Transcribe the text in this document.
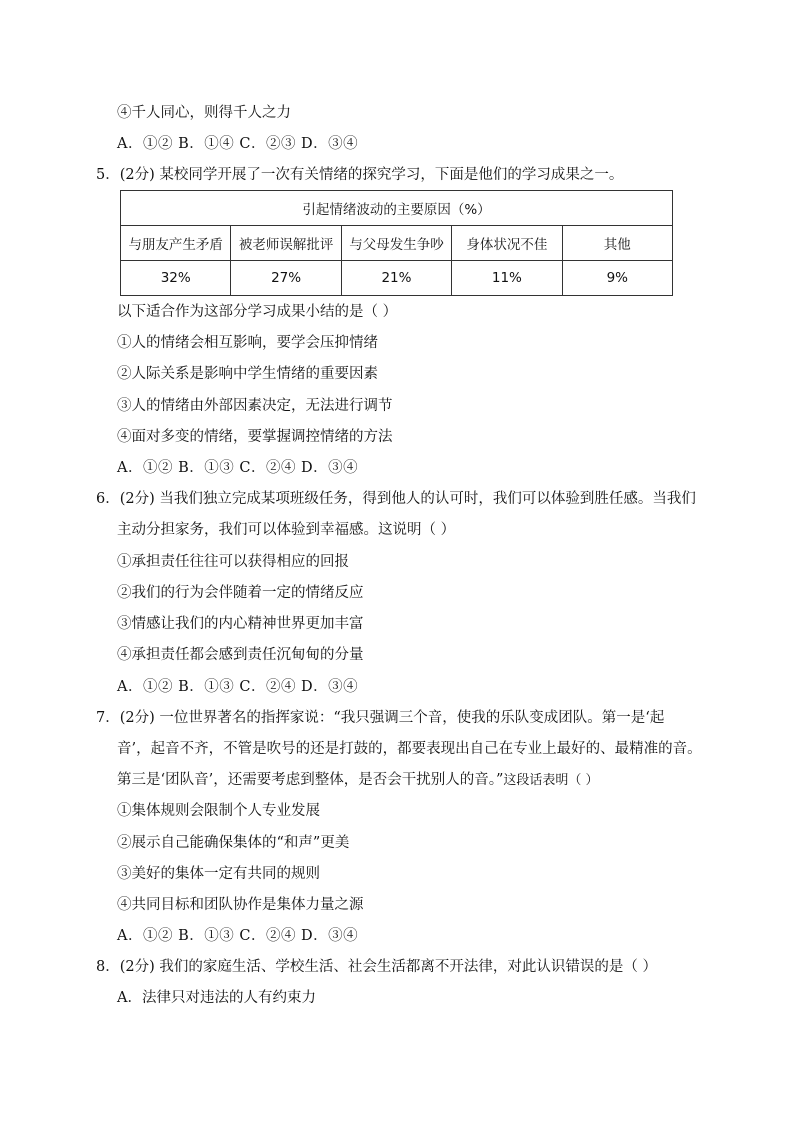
④千人同心，则得千人之力
A．①② B．①④ C．②③ D．③④
5．(2分) 某校同学开展了一次有关情绪的探究学习，下面是他们的学习成果之一。
引起情绪波动的主要原因（%）				
与朋友产生矛盾	被老师误解批评	与父母发生争吵	身体状况不佳	其他
32%	27%	21%	11%	9%
以下适合作为这部分学习成果小结的是（ ）
①人的情绪会相互影响，要学会压抑情绪
②人际关系是影响中学生情绪的重要因素
③人的情绪由外部因素决定，无法进行调节
④面对多变的情绪，要掌握调控情绪的方法
A．①② B．①③ C．②④ D．③④
6．(2分) 当我们独立完成某项班级任务，得到他人的认可时，我们可以体验到胜任感。当我们
主动分担家务，我们可以体验到幸福感。这说明（ ）
①承担责任往往可以获得相应的回报
②我们的行为会伴随着一定的情绪反应
③情感让我们的内心精神世界更加丰富
④承担责任都会感到责任沉甸甸的分量
A．①② B．①③ C．②④ D．③④
7．(2分) 一位世界著名的指挥家说：“我只强调三个音，使我的乐队变成团队。第一是‘起
音’，起音不齐，不管是吹号的还是打鼓的，都要表现出自己在专业上最好的、最精准的音。
第三是‘团队音’，还需要考虑到整体，是否会干扰别人的音。”这段话表明（ ）
①集体规则会限制个人专业发展
②展示自己能确保集体的“和声”更美
③美好的集体一定有共同的规则
④共同目标和团队协作是集体力量之源
A．①② B．①③ C．②④ D．③④
8．(2分) 我们的家庭生活、学校生活、社会生活都离不开法律，对此认识错误的是（ ）
A．法律只对违法的人有约束力
